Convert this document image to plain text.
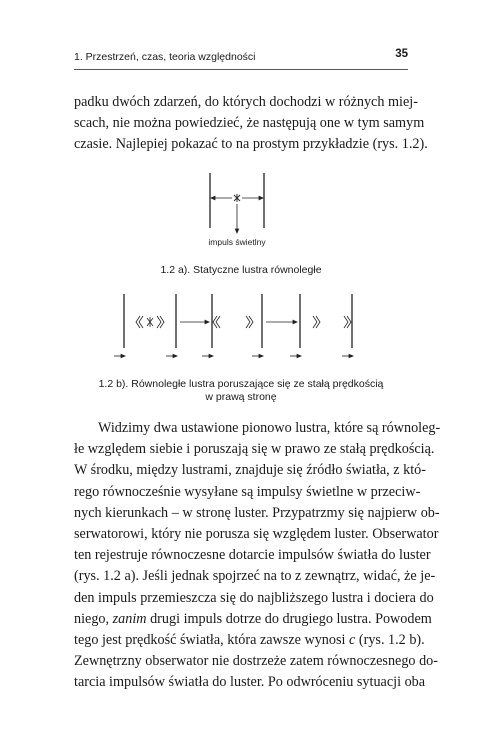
1. Przestrzeń, czas, teoria względności	35
padku dwóch zdarzeń, do których dochodzi w różnych miej-
scach, nie można powiedzieć, że następują one w tym samym
czasie. Najlepiej pokazać to na prostym przykładzie (rys. 1.2).
impuls świetlny
1.2 a). Statyczne lustra równoległe
1.2 b). Równoległe lustra poruszające się ze stałą prędkością
w prawą stronę
Widzimy dwa ustawione pionowo lustra, które są równoleg-
łe względem siebie i poruszają się w prawo ze stałą prędkością.
W środku, między lustrami, znajduje się źródło światła, z któ-
rego równocześnie wysyłane są impulsy świetlne w przeciw-
nych kierunkach – w stronę luster. Przypatrzmy się najpierw ob-
serwatorowi, który nie porusza się względem luster. Obserwator
ten rejestruje równoczesne dotarcie impulsów światła do luster
(rys. 1.2 a). Jeśli jednak spojrzeć na to z zewnątrz, widać, że je-
den impuls przemieszcza się do najbliższego lustra i dociera do
niego, zanim drugi impuls dotrze do drugiego lustra. Powodem
tego jest prędkość światła, która zawsze wynosi c (rys. 1.2 b).
Zewnętrzny obserwator nie dostrzeże zatem równoczesnego do-
tarcia impulsów światła do luster. Po odwróceniu sytuacji oba
